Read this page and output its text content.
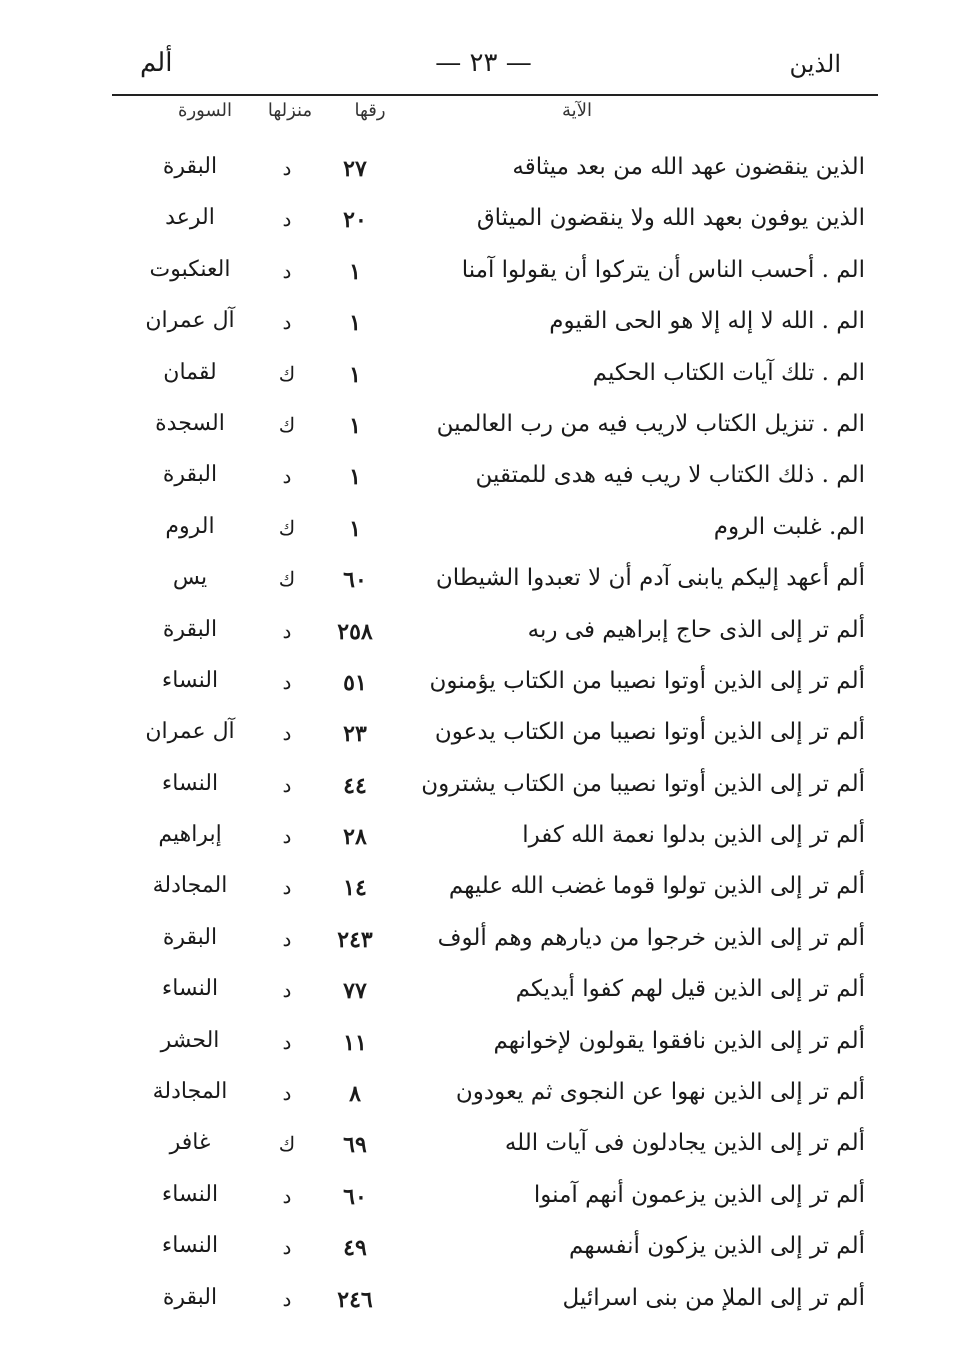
الذين
— ٢٣ —
ألم
الآية
رقها
منزلها
السورة
الذين ينقضون عهد الله من بعد ميثاقه
٢٧
د
البقرة
الذين يوفون بعهد الله ولا ينقضون الميثاق
٢٠
د
الرعد
الم . أحسب الناس أن يتركوا أن يقولوا آمنا
١
د
العنكبوت
الم . الله لا إله إلا هو الحى القيوم
١
د
آل عمران
الم . تلك آيات الكتاب الحكيم
١
ك
لقمان
الم . تنزيل الكتاب لاريب فيه من رب العالمين
١
ك
السجدة
الم . ذلك الكتاب لا ريب فيه هدى للمتقين
١
د
البقرة
الم. غلبت الروم
١
ك
الروم
ألم أعهد إليكم يابنى آدم أن لا تعبدوا الشيطان
٦٠
ك
يس
ألم تر إلى الذى حاج إبراهيم فى ربه
٢٥٨
د
البقرة
ألم تر إلى الذين أوتوا نصيبا من الكتاب يؤمنون
٥١
د
النساء
ألم تر إلى الذين أوتوا نصيبا من الكتاب يدعون
٢٣
د
آل عمران
ألم تر إلى الذين أوتوا نصيبا من الكتاب يشترون
٤٤
د
النساء
ألم تر إلى الذين بدلوا نعمة الله كفرا
٢٨
د
إبراهيم
ألم تر إلى الذين تولوا قوما غضب الله عليهم
١٤
د
المجادلة
ألم تر إلى الذين خرجوا من ديارهم وهم ألوف
٢٤٣
د
البقرة
ألم تر إلى الذين قيل لهم كفوا أيديكم
٧٧
د
النساء
ألم تر إلى الذين نافقوا يقولون لإخوانهم
١١
د
الحشر
ألم تر إلى الذين نهوا عن النجوى ثم يعودون
٨
د
المجادلة
ألم تر إلى الذين يجادلون فى آيات الله
٦٩
ك
غافر
ألم تر إلى الذين يزعمون أنهم آمنوا
٦٠
د
النساء
ألم تر إلى الذين يزكون أنفسهم
٤٩
د
النساء
ألم تر إلى الملإ من بنى اسرائيل
٢٤٦
د
البقرة
